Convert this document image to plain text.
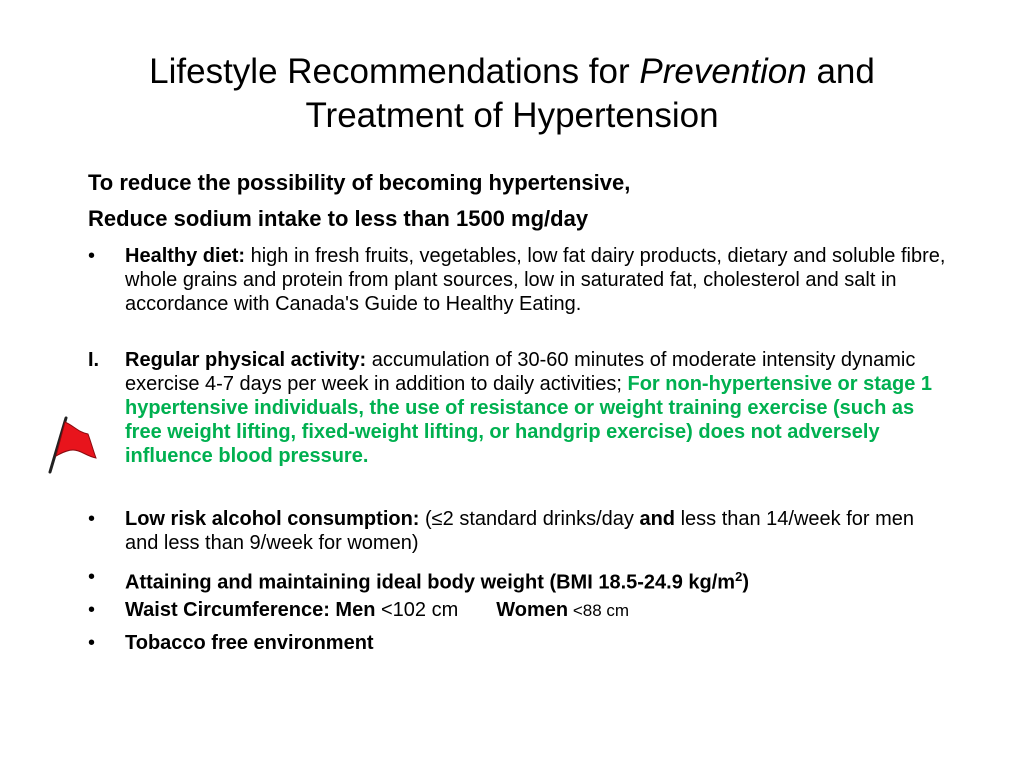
Lifestyle Recommendations for Prevention and
Treatment of Hypertension
To reduce the possibility of becoming hypertensive,
Reduce sodium intake to less than 1500 mg/day
•	Healthy diet: high in fresh fruits, vegetables, low fat dairy products, dietary and soluble fibre, whole grains and protein from plant sources, low in saturated fat, cholesterol and salt in accordance with Canada's Guide to Healthy Eating.
I.	Regular physical activity: accumulation of 30-60 minutes of moderate intensity dynamic exercise 4-7 days per week in addition to daily activities; For non-hypertensive or stage 1 hypertensive individuals, the use of resistance or weight training exercise (such as free weight lifting, fixed-weight lifting, or handgrip exercise) does not adversely influence blood pressure.
•	Low risk alcohol consumption: (≤2 standard drinks/day and less than 14/week for men and less than 9/week for women)
•	Attaining and maintaining ideal body weight (BMI 18.5-24.9 $kg/m^2$)
•	Waist Circumference: Men <102 cm Women <88 cm
•	Tobacco free environment
